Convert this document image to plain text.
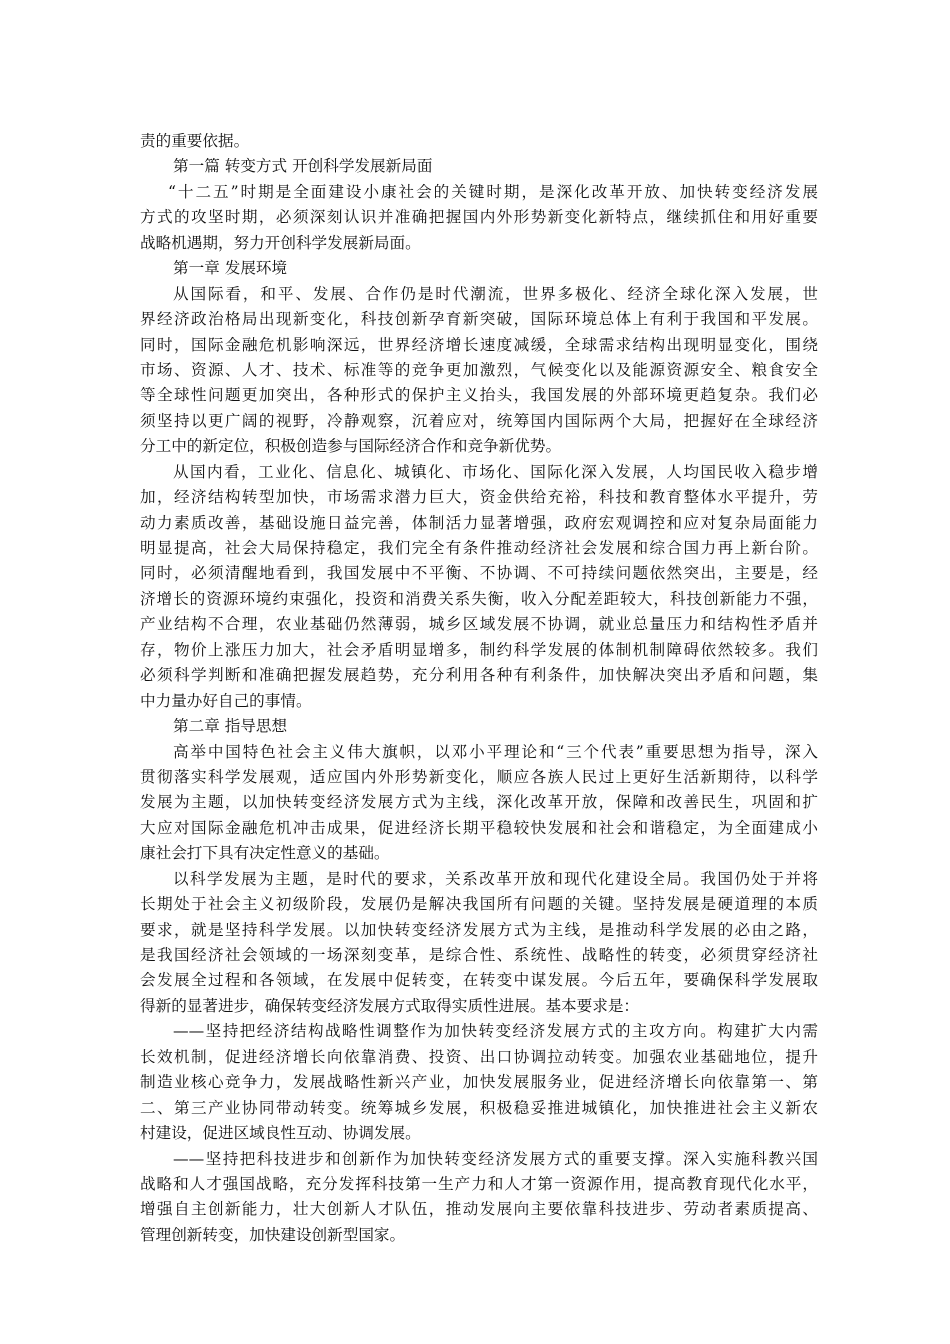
责的重要依据。
第一篇 转变方式 开创科学发展新局面
“十二五”时期是全面建设小康社会的关键时期，是深化改革开放、加快转变经济发展
方式的攻坚时期，必须深刻认识并准确把握国内外形势新变化新特点，继续抓住和用好重要
战略机遇期，努力开创科学发展新局面。
第一章 发展环境
从国际看，和平、发展、合作仍是时代潮流，世界多极化、经济全球化深入发展，世
界经济政治格局出现新变化，科技创新孕育新突破，国际环境总体上有利于我国和平发展。
同时，国际金融危机影响深远，世界经济增长速度减缓，全球需求结构出现明显变化，围绕
市场、资源、人才、技术、标准等的竞争更加激烈，气候变化以及能源资源安全、粮食安全
等全球性问题更加突出，各种形式的保护主义抬头，我国发展的外部环境更趋复杂。我们必
须坚持以更广阔的视野，冷静观察，沉着应对，统筹国内国际两个大局，把握好在全球经济
分工中的新定位，积极创造参与国际经济合作和竞争新优势。
从国内看，工业化、信息化、城镇化、市场化、国际化深入发展，人均国民收入稳步增
加，经济结构转型加快，市场需求潜力巨大，资金供给充裕，科技和教育整体水平提升，劳
动力素质改善，基础设施日益完善，体制活力显著增强，政府宏观调控和应对复杂局面能力
明显提高，社会大局保持稳定，我们完全有条件推动经济社会发展和综合国力再上新台阶。
同时，必须清醒地看到，我国发展中不平衡、不协调、不可持续问题依然突出，主要是，经
济增长的资源环境约束强化，投资和消费关系失衡，收入分配差距较大，科技创新能力不强，
产业结构不合理，农业基础仍然薄弱，城乡区域发展不协调，就业总量压力和结构性矛盾并
存，物价上涨压力加大，社会矛盾明显增多，制约科学发展的体制机制障碍依然较多。我们
必须科学判断和准确把握发展趋势，充分利用各种有利条件，加快解决突出矛盾和问题，集
中力量办好自己的事情。
第二章 指导思想
高举中国特色社会主义伟大旗帜，以邓小平理论和“三个代表”重要思想为指导，深入
贯彻落实科学发展观，适应国内外形势新变化，顺应各族人民过上更好生活新期待，以科学
发展为主题，以加快转变经济发展方式为主线，深化改革开放，保障和改善民生，巩固和扩
大应对国际金融危机冲击成果，促进经济长期平稳较快发展和社会和谐稳定，为全面建成小
康社会打下具有决定性意义的基础。
以科学发展为主题，是时代的要求，关系改革开放和现代化建设全局。我国仍处于并将
长期处于社会主义初级阶段，发展仍是解决我国所有问题的关键。坚持发展是硬道理的本质
要求，就是坚持科学发展。以加快转变经济发展方式为主线，是推动科学发展的必由之路，
是我国经济社会领域的一场深刻变革，是综合性、系统性、战略性的转变，必须贯穿经济社
会发展全过程和各领域，在发展中促转变，在转变中谋发展。今后五年，要确保科学发展取
得新的显著进步，确保转变经济发展方式取得实质性进展。基本要求是：
——坚持把经济结构战略性调整作为加快转变经济发展方式的主攻方向。构建扩大内需
长效机制，促进经济增长向依靠消费、投资、出口协调拉动转变。加强农业基础地位，提升
制造业核心竞争力，发展战略性新兴产业，加快发展服务业，促进经济增长向依靠第一、第
二、第三产业协同带动转变。统筹城乡发展，积极稳妥推进城镇化，加快推进社会主义新农
村建设，促进区域良性互动、协调发展。
——坚持把科技进步和创新作为加快转变经济发展方式的重要支撑。深入实施科教兴国
战略和人才强国战略，充分发挥科技第一生产力和人才第一资源作用，提高教育现代化水平，
增强自主创新能力，壮大创新人才队伍，推动发展向主要依靠科技进步、劳动者素质提高、
管理创新转变，加快建设创新型国家。
